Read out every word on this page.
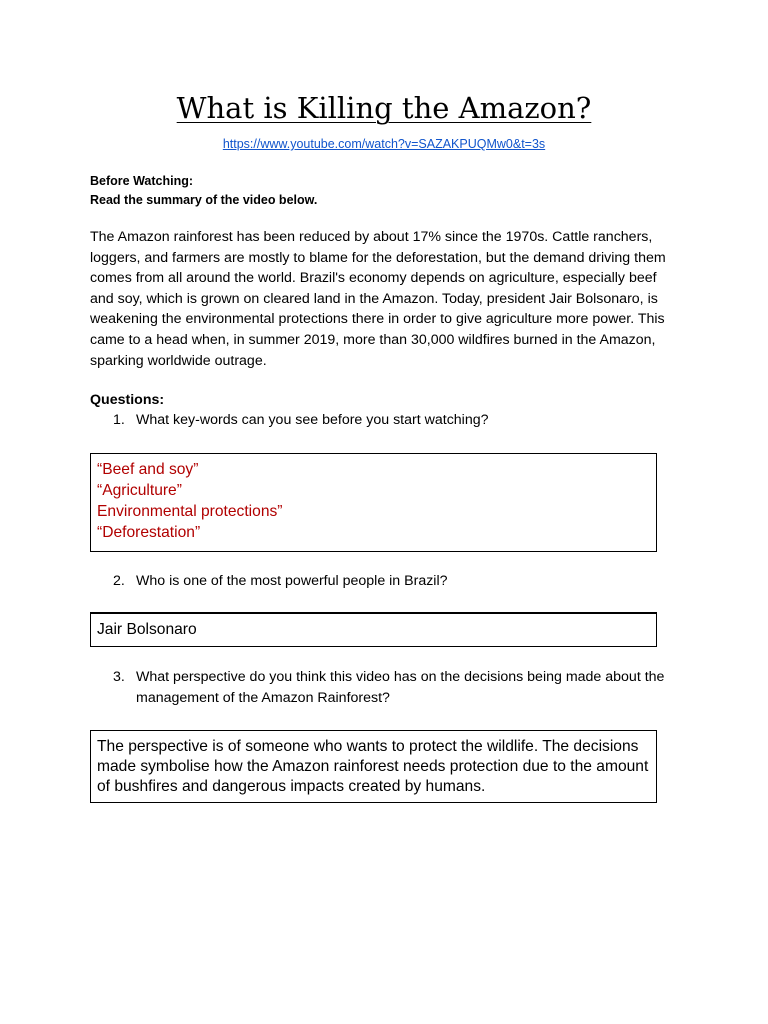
What is Killing the Amazon?
https://www.youtube.com/watch?v=SAZAKPUQMw0&t=3s
Before Watching:
Read the summary of the video below.
The Amazon rainforest has been reduced by about 17% since the 1970s. Cattle ranchers, loggers, and farmers are mostly to blame for the deforestation, but the demand driving them comes from all around the world. Brazil's economy depends on agriculture, especially beef and soy, which is grown on cleared land in the Amazon. Today, president Jair Bolsonaro, is weakening the environmental protections there in order to give agriculture more power. This came to a head when, in summer 2019, more than 30,000 wildfires burned in the Amazon, sparking worldwide outrage.
Questions:
1. What key-words can you see before you start watching?
“Beef and soy”
“Agriculture”
Environmental protections”
“Deforestation”
2. Who is one of the most powerful people in Brazil?
Jair Bolsonaro
3. What perspective do you think this video has on the decisions being made about the management of the Amazon Rainforest?
The perspective is of someone who wants to protect the wildlife. The decisions made symbolise how the Amazon rainforest needs protection due to the amount of bushfires and dangerous impacts created by humans.
